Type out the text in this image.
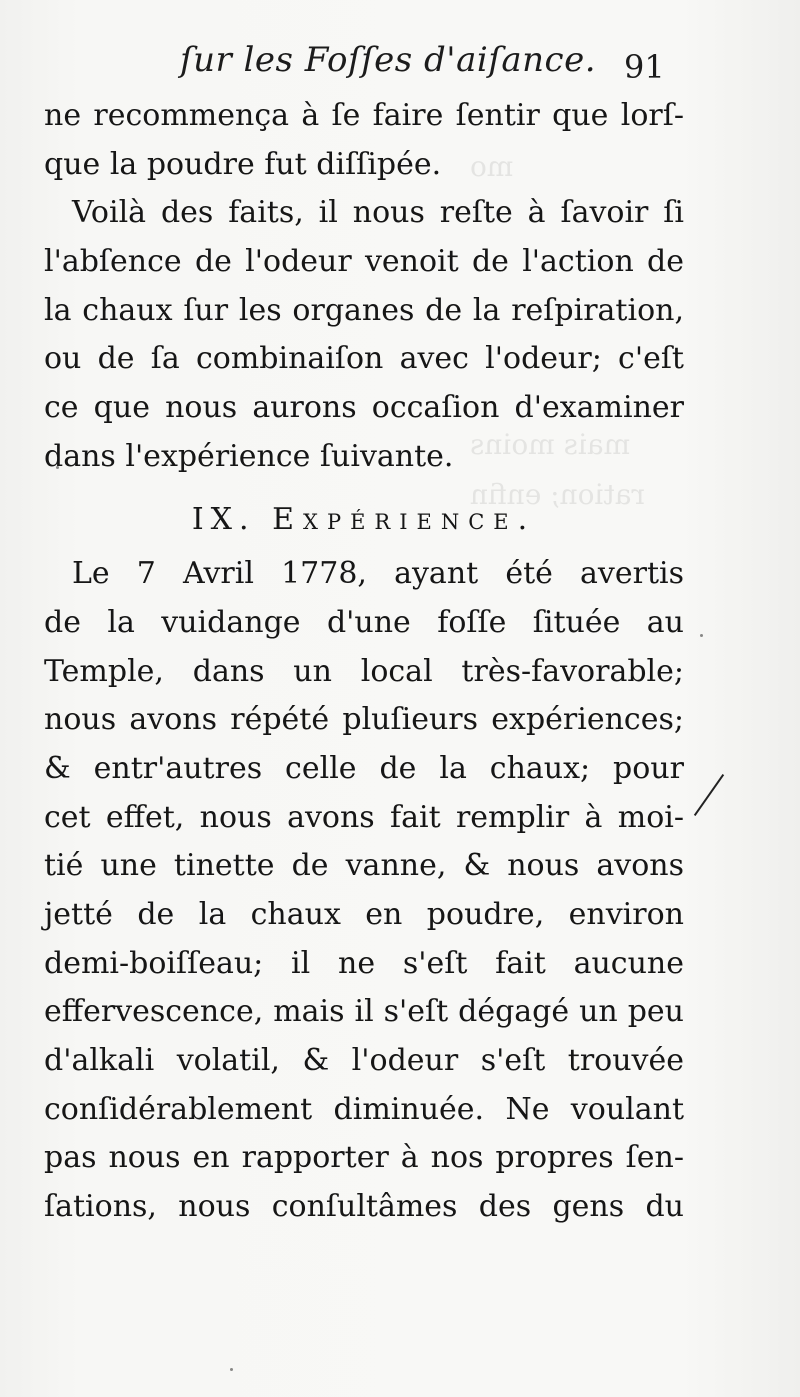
mo
mais moins
ration; enfin
ſur les Foſſes d'aiſance. 91
ne recommença à ſe faire ſentir que lorſ-
que la poudre fut diſſipée.
Voilà des faits, il nous reſte à ſavoir ſi
l'abſence de l'odeur venoit de l'action de
la chaux ſur les organes de la reſpiration,
ou de ſa combinaiſon avec l'odeur; c'eſt
ce que nous aurons occaſion d'examiner
dans l'expérience ſuivante.
IX. Expérience.
Le 7 Avril 1778, ayant été avertis
de la vuidange d'une foſſe ſituée au
Temple, dans un local très-favorable;
nous avons répété pluſieurs expériences;
& entr'autres celle de la chaux; pour
cet effet, nous avons fait remplir à moi-
tié une tinette de vanne, & nous avons
jetté de la chaux en poudre, environ
demi-boiſſeau; il ne s'eſt fait aucune
effervescence, mais il s'eſt dégagé un peu
d'alkali volatil, & l'odeur s'eſt trouvée
conſidérablement diminuée. Ne voulant
pas nous en rapporter à nos propres ſen-
ſations, nous conſultâmes des gens du
